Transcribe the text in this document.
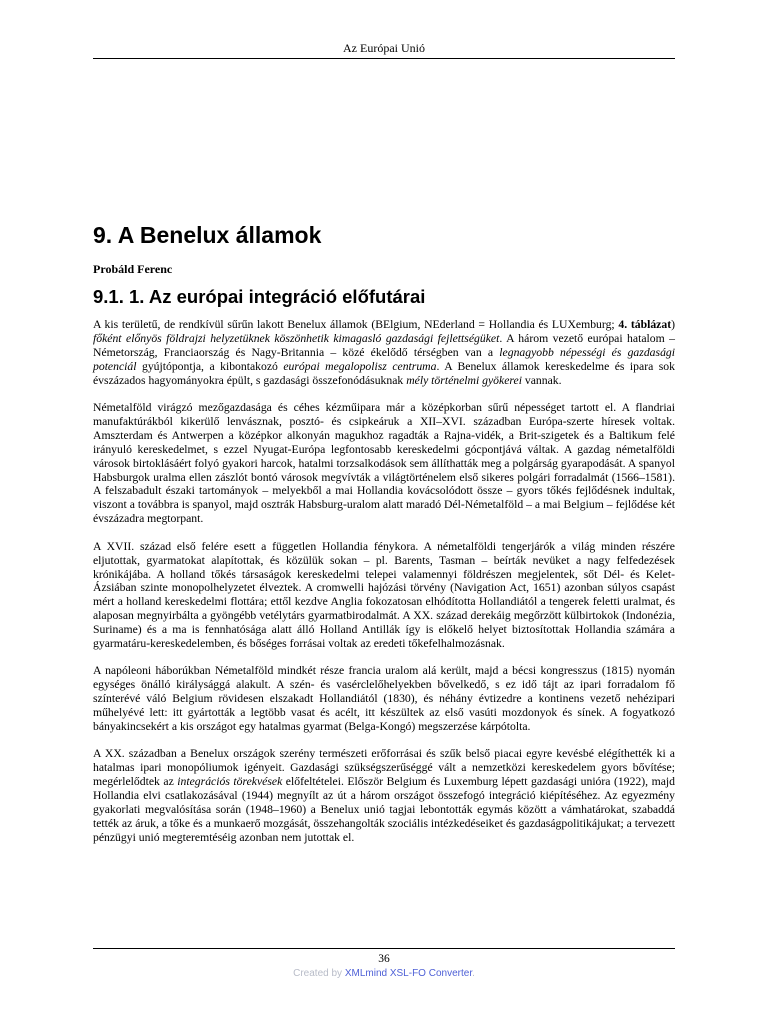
Az Európai Unió
9. A Benelux államok
Probáld Ferenc
9.1. 1. Az európai integráció előfutárai

A kis területű, de rendkívül sűrűn lakott Benelux államok (BElgium, NEderland = Hollandia és LUXemburg; 4. táblázat) főként előnyös földrajzi helyzetüknek köszönhetik kimagasló gazdasági fejlettségüket. A három vezető európai hatalom – Németország, Franciaország és Nagy-Britannia – közé ékelődő térségben van a legnagyobb népességi és gazdasági potenciál gyújtópontja, a kibontakozó európai megalopolisz centruma. A Benelux államok kereskedelme és ipara sok évszázados hagyományokra épült, s gazdasági összefonódásuknak mély történelmi gyökerei vannak.

Németalföld virágzó mezőgazdasága és céhes kézműipara már a középkorban sűrű népességet tartott el. A flandriai manufaktúrákból kikerülő lenvásznak, posztó- és csipkeáruk a XII–XVI. században Európa-szerte híresek voltak. Amszterdam és Antwerpen a középkor alkonyán magukhoz ragadták a Rajna-vidék, a Brit-szigetek és a Baltikum felé irányuló kereskedelmet, s ezzel Nyugat-Európa legfontosabb kereskedelmi gócpontjává váltak. A gazdag németalföldi városok birtoklásáért folyó gyakori harcok, hatalmi torzsalkodások sem állíthatták meg a polgárság gyarapodását. A spanyol Habsburgok uralma ellen zászlót bontó városok megvívták a világtörténelem első sikeres polgári forradalmát (1566–1581). A felszabadult északi tartományok – melyekből a mai Hollandia kovácsolódott össze – gyors tőkés fejlődésnek indultak, viszont a továbbra is spanyol, majd osztrák Habsburg-uralom alatt maradó Dél-Németalföld – a mai Belgium – fejlődése két évszázadra megtorpant.

A XVII. század első felére esett a független Hollandia fénykora. A németalföldi tengerjárók a világ minden részére eljutottak, gyarmatokat alapítottak, és közülük sokan – pl. Barents, Tasman – beírták nevüket a nagy felfedezések krónikájába. A holland tőkés társaságok kereskedelmi telepei valamennyi földrészen megjelentek, sőt Dél- és Kelet-Ázsiában szinte monopolhelyzetet élveztek. A cromwelli hajózási törvény (Navigation Act, 1651) azonban súlyos csapást mért a holland kereskedelmi flottára; ettől kezdve Anglia fokozatosan elhódította Hollandiától a tengerek feletti uralmat, és alaposan megnyirbálta a gyöngébb vetélytárs gyarmatbirodalmát. A XX. század derekáig megőrzött külbirtokok (Indonézia, Suriname) és a ma is fennhatósága alatt álló Holland Antillák így is előkelő helyet biztosítottak Hollandia számára a gyarmatáru-kereskedelemben, és bőséges forrásai voltak az eredeti tőkefelhalmozásnak.

A napóleoni háborúkban Németalföld mindkét része francia uralom alá került, majd a bécsi kongresszus (1815) nyomán egységes önálló királysággá alakult. A szén- és vasérclelőhelyekben bővelkedő, s ez idő tájt az ipari forradalom fő színterévé váló Belgium rövidesen elszakadt Hollandiától (1830), és néhány évtizedre a kontinens vezető nehézipari műhelyévé lett: itt gyártották a legtöbb vasat és acélt, itt készültek az első vasúti mozdonyok és sínek. A fogyatkozó bányakincsekért a kis országot egy hatalmas gyarmat (Belga-Kongó) megszerzése kárpótolta.

A XX. században a Benelux országok szerény természeti erőforrásai és szűk belső piacai egyre kevésbé elégíthették ki a hatalmas ipari monopóliumok igényeit. Gazdasági szükségszerűséggé vált a nemzetközi kereskedelem gyors bővítése; megérlelődtek az integrációs törekvések előfeltételei. Először Belgium és Luxemburg lépett gazdasági unióra (1922), majd Hollandia elvi csatlakozásával (1944) megnyílt az út a három országot összefogó integráció kiépítéséhez. Az egyezmény gyakorlati megvalósítása során (1948–1960) a Benelux unió tagjai lebontották egymás között a vámhatárokat, szabaddá tették az áruk, a tőke és a munkaerő mozgását, összehangolták szociális intézkedéseiket és gazdaságpolitikájukat; a tervezett pénzügyi unió megteremtéséig azonban nem jutottak el.

36
Created by XMLmind XSL-FO Converter.
